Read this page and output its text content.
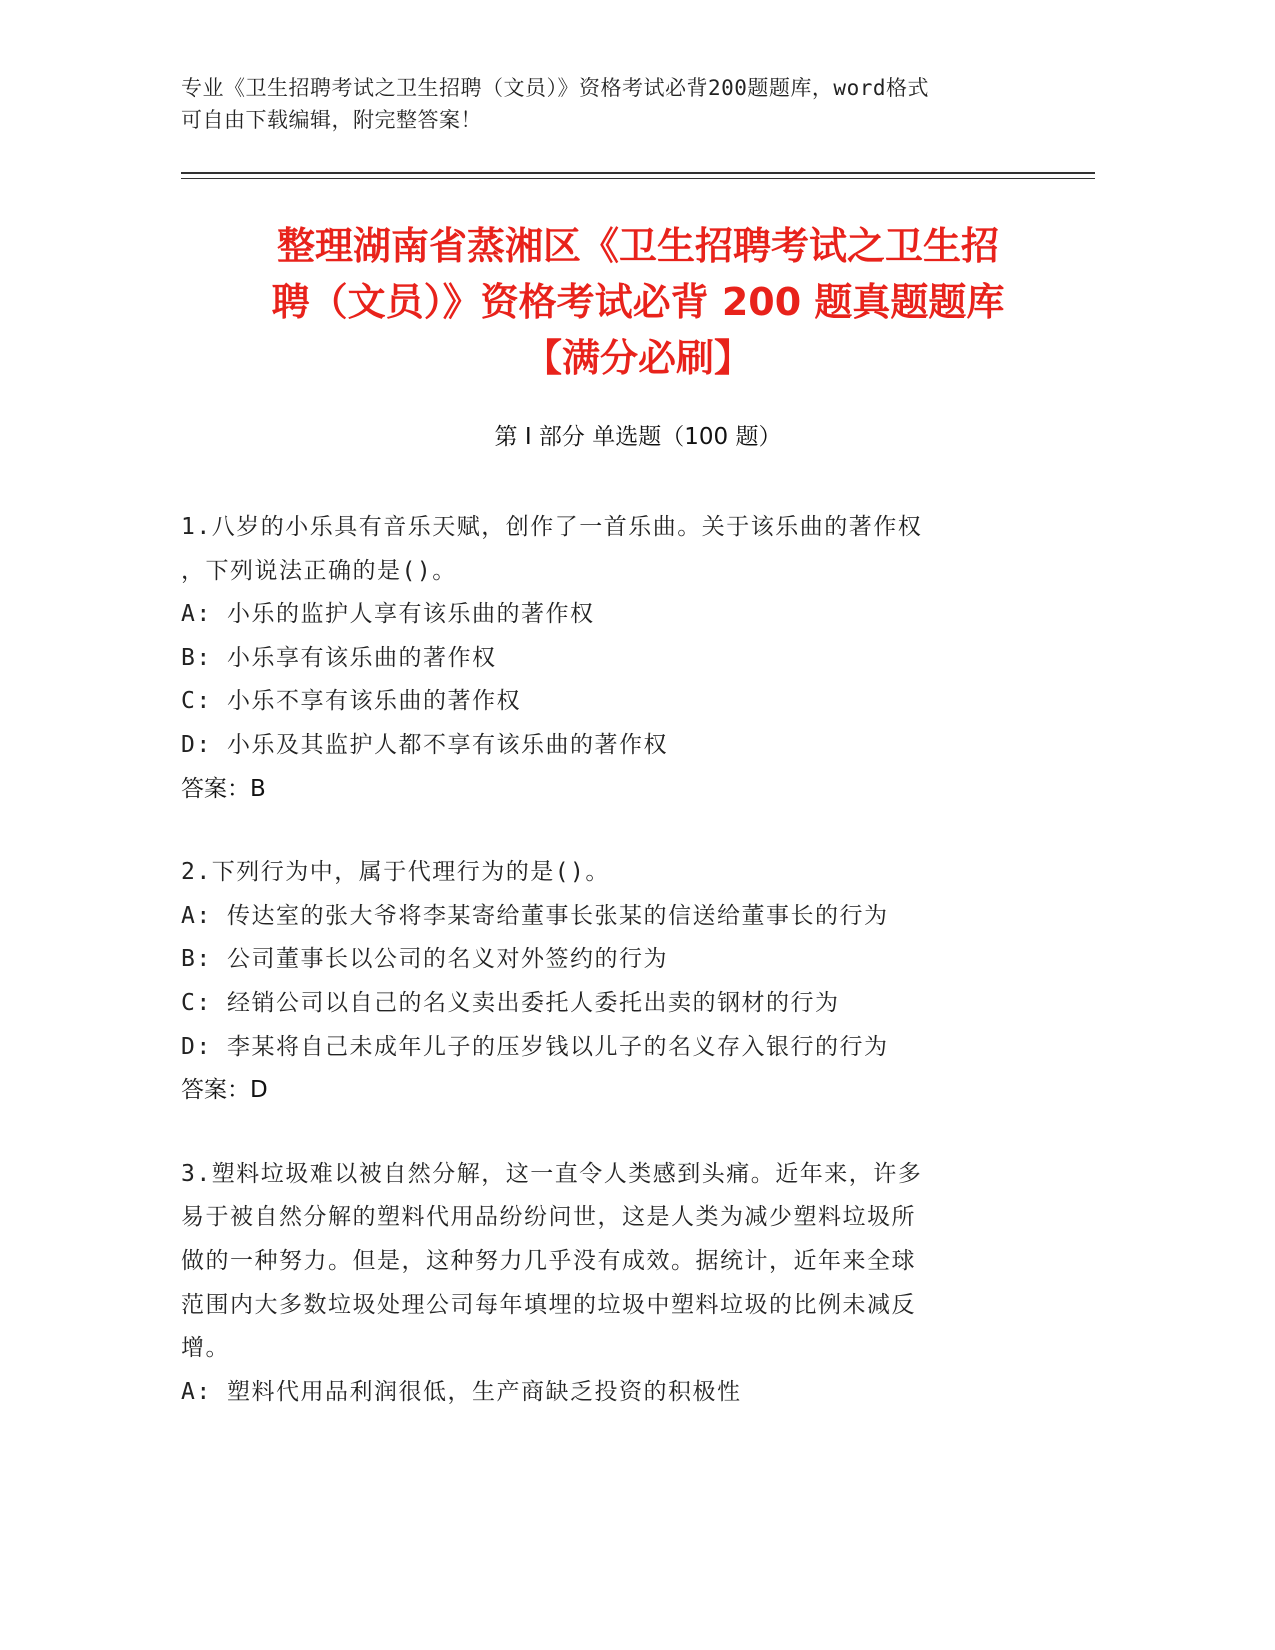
专业《卫生招聘考试之卫生招聘（文员）》资格考试必背200题题库，word格式
可自由下载编辑，附完整答案！
整理湖南省蒸湘区《卫生招聘考试之卫生招
聘（文员）》资格考试必背 200 题真题题库
【满分必刷】
第 I 部分 单选题（100 题）

1.八岁的小乐具有音乐天赋，创作了一首乐曲。关于该乐曲的著作权

，下列说法正确的是()。

A: 小乐的监护人享有该乐曲的著作权

B: 小乐享有该乐曲的著作权

C: 小乐不享有该乐曲的著作权

D: 小乐及其监护人都不享有该乐曲的著作权

答案：B

2.下列行为中，属于代理行为的是()。

A: 传达室的张大爷将李某寄给董事长张某的信送给董事长的行为

B: 公司董事长以公司的名义对外签约的行为

C: 经销公司以自己的名义卖出委托人委托出卖的钢材的行为

D: 李某将自己未成年儿子的压岁钱以儿子的名义存入银行的行为

答案：D

3.塑料垃圾难以被自然分解，这一直令人类感到头痛。近年来，许多

易于被自然分解的塑料代用品纷纷问世，这是人类为减少塑料垃圾所

做的一种努力。但是，这种努力几乎没有成效。据统计，近年来全球

范围内大多数垃圾处理公司每年填埋的垃圾中塑料垃圾的比例未减反

增。

A: 塑料代用品利润很低，生产商缺乏投资的积极性
